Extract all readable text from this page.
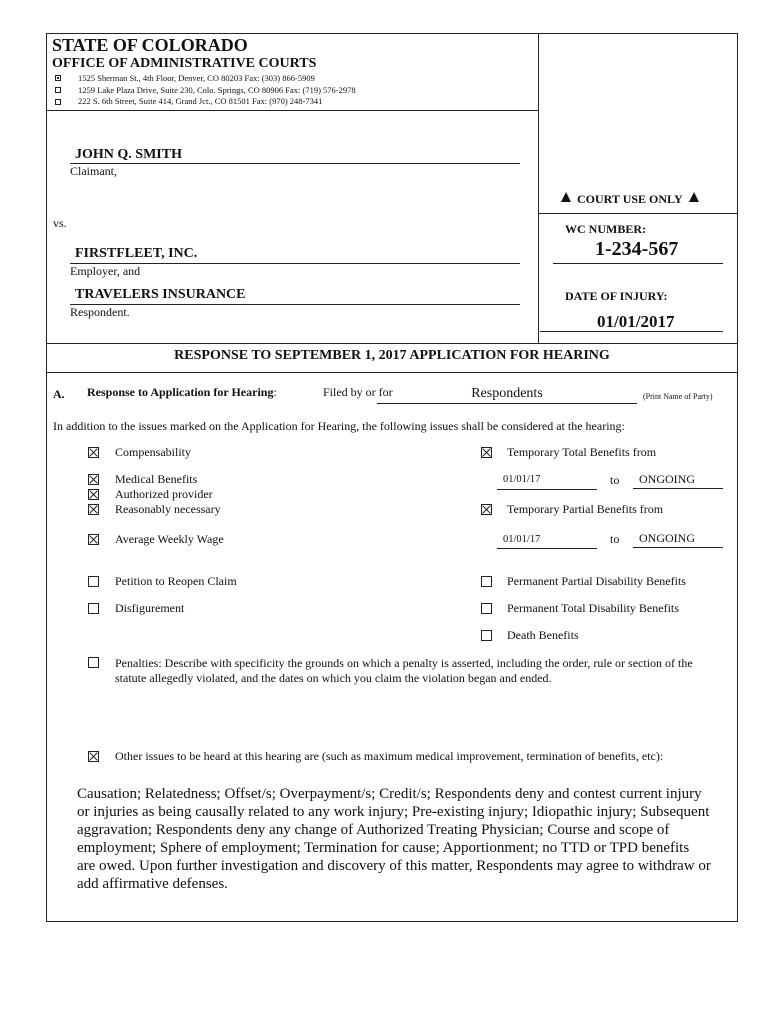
STATE OF COLORADO
OFFICE OF ADMINISTRATIVE COURTS
1525 Sherman St., 4th Floor, Denver, CO 80203 Fax: (303) 866-5909
1259 Lake Plaza Drive, Suite 230, Colo. Springs, CO 80906 Fax: (719) 576-2978
222 S. 6th Street, Suite 414, Grand Jct., CO 81501 Fax: (970) 248-7341
JOHN Q. SMITH
Claimant,
vs.
FIRSTFLEET, INC.
Employer, and
TRAVELERS INSURANCE
Respondent.
COURT USE ONLY
WC NUMBER:
1-234-567
DATE OF INJURY:
01/01/2017
RESPONSE TO SEPTEMBER 1, 2017 APPLICATION FOR HEARING
A. Response to Application for Hearing:	Filed by or for	Respondents	(Print Name of Party)
In addition to the issues marked on the Application for Hearing, the following issues shall be considered at the hearing:
Compensability
Medical Benefits
Authorized provider
Reasonably necessary
Average Weekly Wage
Petition to Reopen Claim
Disfigurement
Temporary Total Benefits from
01/01/17	to ONGOING
Temporary Partial Benefits from
01/01/17	to ONGOING
Permanent Partial Disability Benefits
Permanent Total Disability Benefits
Death Benefits
Penalties: Describe with specificity the grounds on which a penalty is asserted, including the order, rule or section of the
statute allegedly violated, and the dates on which you claim the violation began and ended.
Other issues to be heard at this hearing are (such as maximum medical improvement, termination of benefits, etc):
Causation; Relatedness; Offset/s; Overpayment/s; Credit/s; Respondents deny and contest current injury
or injuries as being causally related to any work injury; Pre-existing injury; Idiopathic injury; Subsequent
aggravation; Respondents deny any change of Authorized Treating Physician; Course and scope of
employment; Sphere of employment; Termination for cause; Apportionment; no TTD or TPD benefits
are owed. Upon further investigation and discovery of this matter, Respondents may agree to withdraw or
add affirmative defenses.
